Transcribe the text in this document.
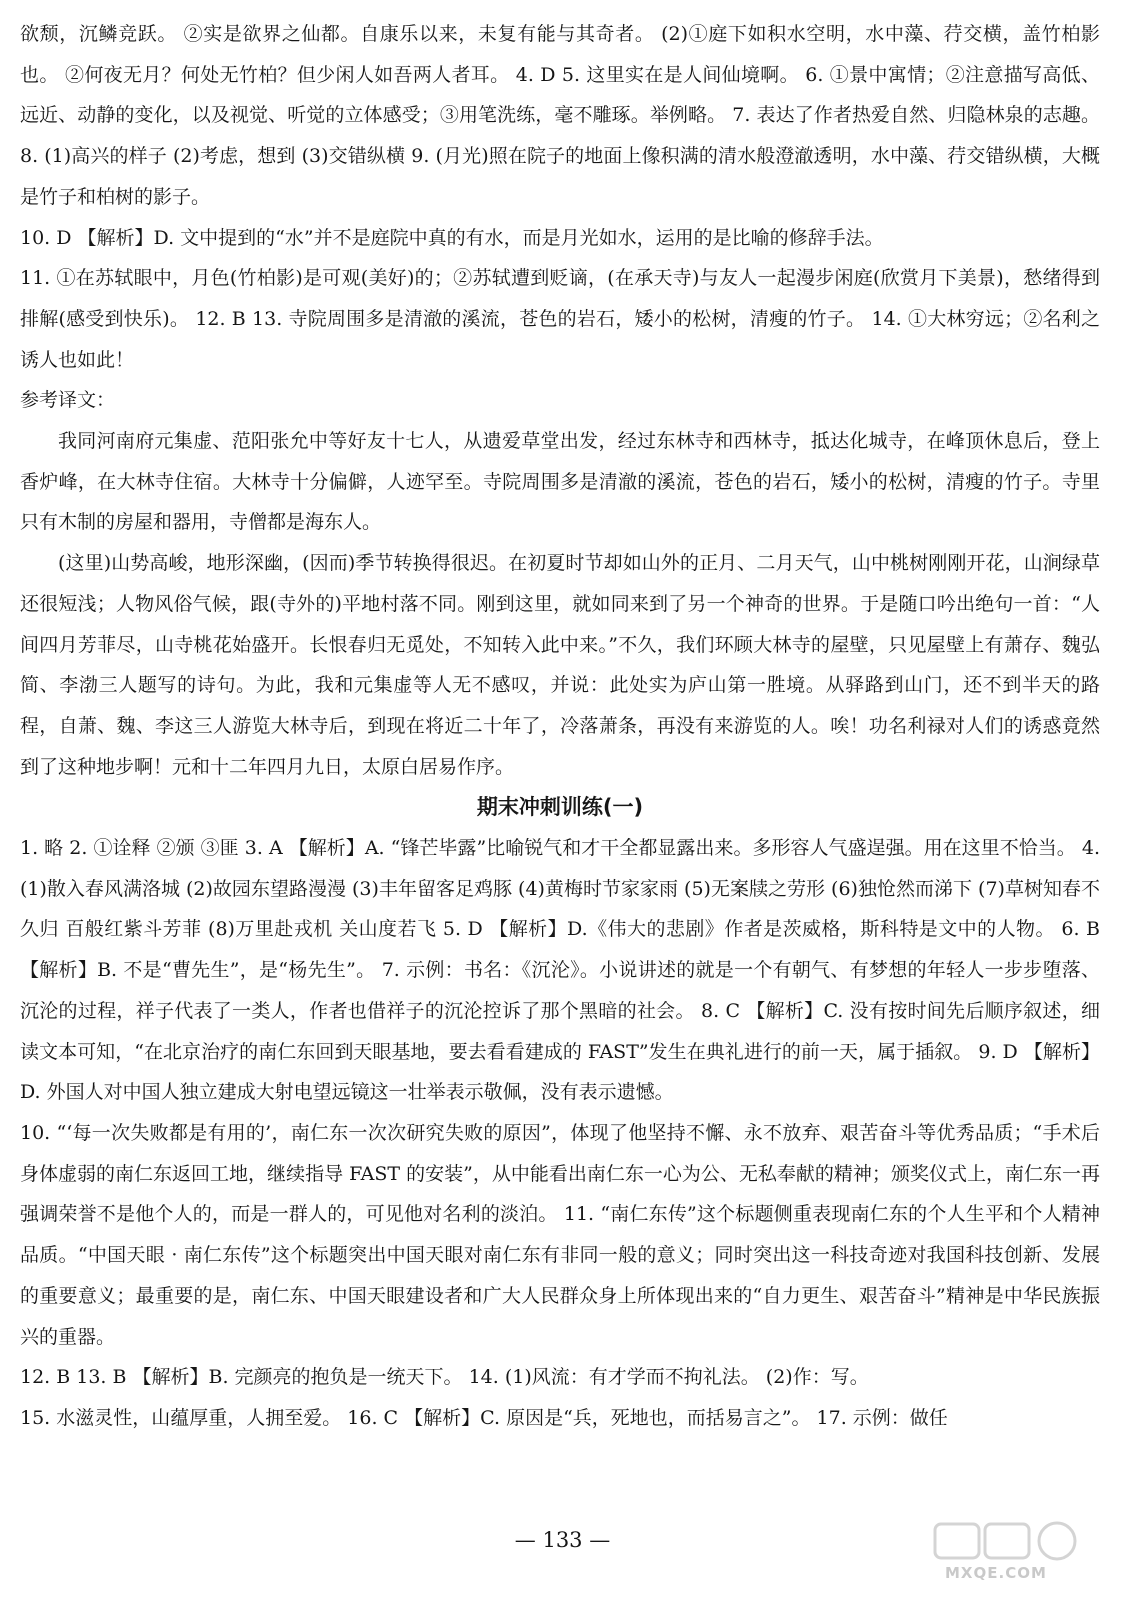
欲颓，沉鳞竞跃。 ②实是欲界之仙都。自康乐以来，未复有能与其奇者。 (2)①庭下如积水空明，水中藻、荇交横，盖竹柏影也。 ②何夜无月？何处无竹柏？但少闲人如吾两人者耳。 4. D 5. 这里实在是人间仙境啊。 6. ①景中寓情；②注意描写高低、远近、动静的变化，以及视觉、听觉的立体感受；③用笔洗练，毫不雕琢。举例略。 7. 表达了作者热爱自然、归隐林泉的志趣。 8. (1)高兴的样子 (2)考虑，想到 (3)交错纵横 9. (月光)照在院子的地面上像积满的清水般澄澈透明，水中藻、荇交错纵横，大概是竹子和柏树的影子。

10. D 【解析】D. 文中提到的“水”并不是庭院中真的有水，而是月光如水，运用的是比喻的修辞手法。

11. ①在苏轼眼中，月色(竹柏影)是可观(美好)的；②苏轼遭到贬谪，(在承天寺)与友人一起漫步闲庭(欣赏月下美景)，愁绪得到排解(感受到快乐)。 12. B 13. 寺院周围多是清澈的溪流，苍色的岩石，矮小的松树，清瘦的竹子。 14. ①大林穷远；②名利之诱人也如此！

参考译文：

我同河南府元集虚、范阳张允中等好友十七人，从遗爱草堂出发，经过东林寺和西林寺，抵达化城寺，在峰顶休息后，登上香炉峰，在大林寺住宿。大林寺十分偏僻，人迹罕至。寺院周围多是清澈的溪流，苍色的岩石，矮小的松树，清瘦的竹子。寺里只有木制的房屋和器用，寺僧都是海东人。

(这里)山势高峻，地形深幽，(因而)季节转换得很迟。在初夏时节却如山外的正月、二月天气，山中桃树刚刚开花，山涧绿草还很短浅；人物风俗气候，跟(寺外的)平地村落不同。刚到这里，就如同来到了另一个神奇的世界。于是随口吟出绝句一首：“人间四月芳菲尽，山寺桃花始盛开。长恨春归无觅处，不知转入此中来。”不久，我们环顾大林寺的屋壁，只见屋壁上有萧存、魏弘简、李渤三人题写的诗句。为此，我和元集虚等人无不感叹，并说：此处实为庐山第一胜境。从驿路到山门，还不到半天的路程，自萧、魏、李这三人游览大林寺后，到现在将近二十年了，冷落萧条，再没有来游览的人。唉！功名利禄对人们的诱惑竟然到了这种地步啊！元和十二年四月九日，太原白居易作序。

期末冲刺训练(一)

1. 略 2. ①诠释 ②颁 ③匪 3. A 【解析】A. “锋芒毕露”比喻锐气和才干全都显露出来。多形容人气盛逞强。用在这里不恰当。 4. (1)散入春风满洛城 (2)故园东望路漫漫 (3)丰年留客足鸡豚 (4)黄梅时节家家雨 (5)无案牍之劳形 (6)独怆然而涕下 (7)草树知春不久归 百般红紫斗芳菲 (8)万里赴戎机 关山度若飞 5. D 【解析】D.《伟大的悲剧》作者是茨威格，斯科特是文中的人物。 6. B 【解析】B. 不是“曹先生”，是“杨先生”。 7. 示例：书名：《沉沦》。小说讲述的就是一个有朝气、有梦想的年轻人一步步堕落、沉沦的过程，祥子代表了一类人，作者也借祥子的沉沦控诉了那个黑暗的社会。 8. C 【解析】C. 没有按时间先后顺序叙述，细读文本可知，“在北京治疗的南仁东回到天眼基地，要去看看建成的 FAST”发生在典礼进行的前一天，属于插叙。 9. D 【解析】D. 外国人对中国人独立建成大射电望远镜这一壮举表示敬佩，没有表示遗憾。

10. “‘每一次失败都是有用的’，南仁东一次次研究失败的原因”，体现了他坚持不懈、永不放弃、艰苦奋斗等优秀品质；“手术后身体虚弱的南仁东返回工地，继续指导 FAST 的安装”，从中能看出南仁东一心为公、无私奉献的精神；颁奖仪式上，南仁东一再强调荣誉不是他个人的，而是一群人的，可见他对名利的淡泊。 11. “南仁东传”这个标题侧重表现南仁东的个人生平和个人精神品质。“中国天眼 · 南仁东传”这个标题突出中国天眼对南仁东有非同一般的意义；同时突出这一科技奇迹对我国科技创新、发展的重要意义；最重要的是，南仁东、中国天眼建设者和广大人民群众身上所体现出来的“自力更生、艰苦奋斗”精神是中华民族振兴的重器。

12. B 13. B 【解析】B. 完颜亮的抱负是一统天下。 14. (1)风流：有才学而不拘礼法。 (2)作：写。

15. 水滋灵性，山蕴厚重，人拥至爱。 16. C 【解析】C. 原因是“兵，死地也，而括易言之”。 17. 示例：做任

— 133 —
MXQE.COM
